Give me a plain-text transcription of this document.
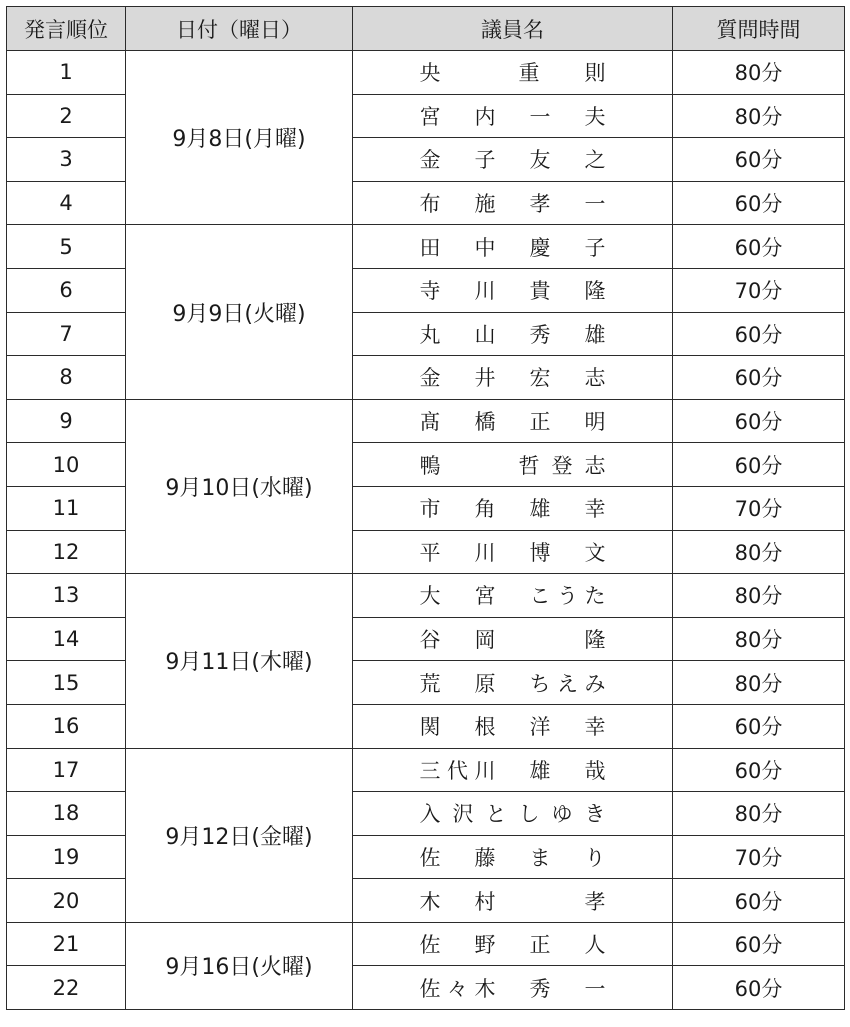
発言順位	日付（曜日）	議員名	質問時間
1	9月8日(月曜)	央　　重　則	80分
2		宮　内　一　夫	80分
3		金　子　友　之	60分
4		布　施　孝　一	60分
5	9月9日(火曜)	田　中　慶　子	60分
6		寺　川　貴　隆	70分
7		丸　山　秀　雄	60分
8		金　井　宏　志	60分
9	9月10日(水曜)	髙　橋　正　明	60分
10		鴨　　哲登志	60分
11		市　角　雄　幸	70分
12		平　川　博　文	80分
13	9月11日(木曜)	大　宮　こうた	80分
14		谷　岡　　　隆	80分
15		荒　原　ちえみ	80分
16		関　根　洋　幸	60分
17	9月12日(金曜)	三代川　雄　哉	60分
18		入沢としゆき	80分
19		佐　藤　ま　り	70分
20		木　村　　　孝	60分
21	9月16日(火曜)	佐　野　正　人	60分
22		佐々木　秀　一	60分
